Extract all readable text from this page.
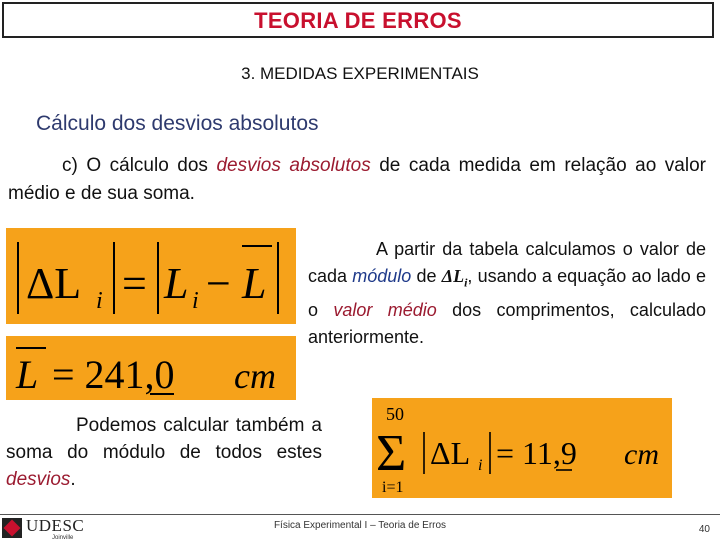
TEORIA DE ERROS
3. MEDIDAS EXPERIMENTAIS
Cálculo dos desvios absolutos
c) O cálculo dos desvios absolutos de cada medida em relação ao valor médio e de sua soma.
ΔL i = L i − L
L = 241,0 cm
A partir da tabela calculamos o valor de cada módulo de $\Delta L_i$, usando a equação ao lado e o valor médio dos comprimentos, calculado anteriormente.
Podemos calcular também a soma do módulo de todos estes desvios.
50
Σ
i=1
ΔL i = 11,9 cm
UDESC
Joinville
Física Experimental I – Teoria de Erros	40
